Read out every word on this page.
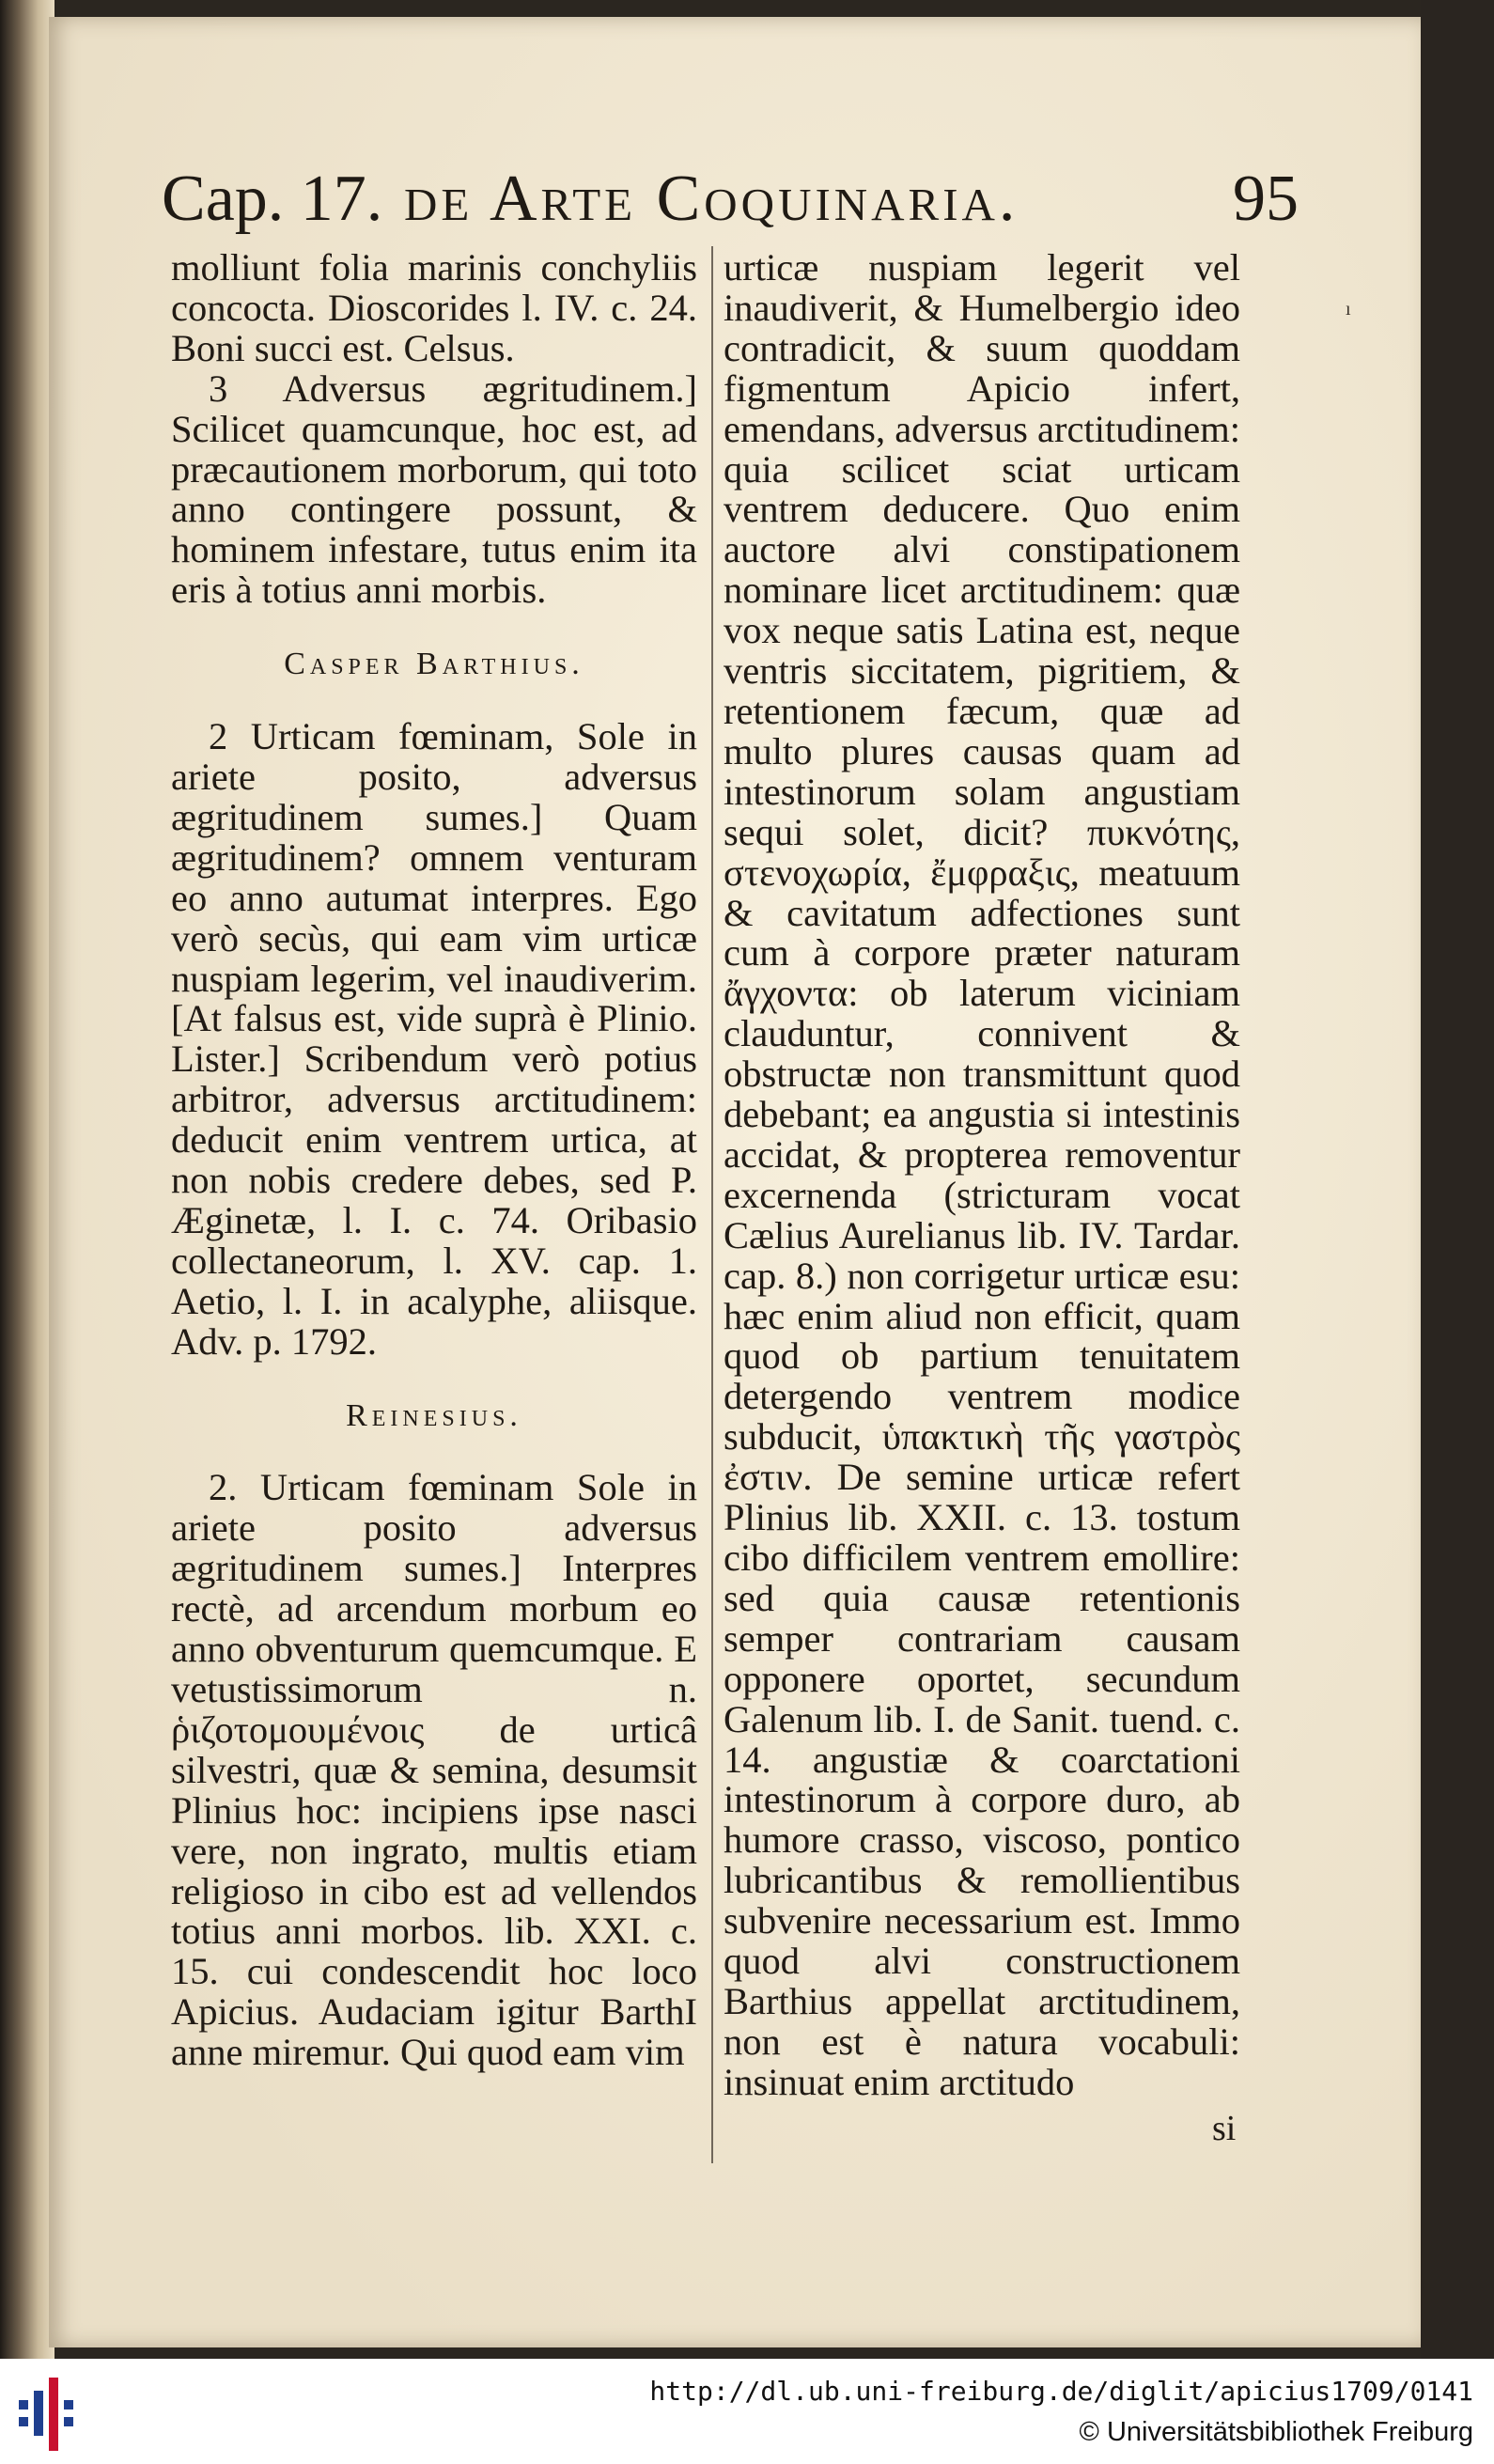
Cap. 17. de Arte Coquinaria.	95

molliunt folia marinis conchyliis concocta. Dioscorides l. IV. c. 24. Boni succi est. Celsus.

3 Adversus ægritudinem.] Scilicet quamcunque, hoc est, ad præcautionem morborum, qui toto anno contingere possunt, & hominem infestare, tutus enim ita eris à totius anni morbis.

Casper Barthius.

2 Urticam fœminam, Sole in ariete posito, adversus ægritudinem sumes.] Quam ægritudinem? omnem venturam eo anno autumat interpres. Ego verò secùs, qui eam vim urticæ nuspiam legerim, vel inaudiverim. [At falsus est, vide suprà è Plinio. Lister.] Scribendum verò potius arbitror, adversus arctitudinem: deducit enim ventrem urtica, at non nobis credere debes, sed P. Æginetæ, l. I. c. 74. Oribasio collectaneorum, l. XV. cap. 1. Aetio, l. I. in acalyphe, aliisque. Adv. p. 1792.

Reinesius.

2. Urticam fœminam Sole in ariete posito adversus ægritudinem sumes.] Interpres rectè, ad arcendum morbum eo anno obventurum quemcumque. E vetustissimorum n. ῥιζοτομουμένοις de urticâ silvestri, quæ & semina, desumsit Plinius hoc: incipiens ipse nasci vere, non ingrato, multis etiam religioso in cibo est ad vellendos totius anni morbos. lib. XXI. c. 15. cui condescendit hoc loco Apicius. Audaciam igitur BarthI anne miremur. Qui quod eam vim

urticæ nuspiam legerit vel inaudiverit, & Humelbergio ideo contradicit, & suum quoddam figmentum Apicio infert, emendans, adversus arctitudinem: quia scilicet sciat urticam ventrem deducere. Quo enim auctore alvi constipationem nominare licet arctitudinem: quæ vox neque satis Latina est, neque ventris siccitatem, pigritiem, & retentionem fæcum, quæ ad multo plures causas quam ad intestinorum solam angustiam sequi solet, dicit? πυκνότης, στενοχωρία, ἔμφραξις, meatuum & cavitatum adfectiones sunt cum à corpore præter naturam ἄγχοντα: ob laterum viciniam clauduntur, connivent & obstructæ non transmittunt quod debebant; ea angustia si intestinis accidat, & propterea removentur excernenda (stricturam vocat Cælius Aurelianus lib. IV. Tardar. cap. 8.) non corrigetur urticæ esu: hæc enim aliud non efficit, quam quod ob partium tenuitatem detergendo ventrem modice subducit, ὑπακτικὴ τῆς γαστρὸς ἐστιν. De semine urticæ refert Plinius lib. XXII. c. 13. tostum cibo difficilem ventrem emollire: sed quia causæ retentionis semper contrariam causam opponere oportet, secundum Galenum lib. I. de Sanit. tuend. c. 14. angustiæ & coarctationi intestinorum à corpore duro, ab humore crasso, viscoso, pontico lubricantibus & remollientibus subvenire necessarium est. Immo quod alvi constructionem Barthius appellat arctitudinem, non est è natura vocabuli: insinuat enim arctitudo

si
ı
http://dl.ub.uni-freiburg.de/diglit/apicius1709/0141
© Universitätsbibliothek Freiburg
